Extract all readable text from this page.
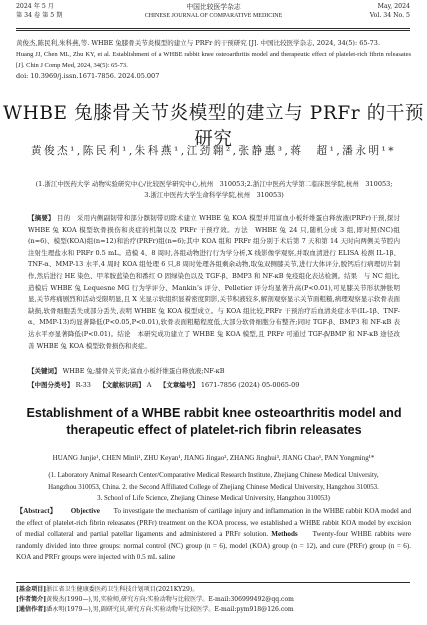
2024 年 5 月
第 34 卷 第 5 期
中国比较医学杂志
CHINESE JOURNAL OF COMPARATIVE MEDICINE
May, 2024
Vol. 34 No. 5
黄俊杰,陈民利,朱科燕,等. WHBE 兔膝骨关节炎模型的建立与 PRFr 的干预研究 [J]. 中国比较医学杂志, 2024, 34(5): 65-73.
Huang JJ, Chen ML, Zhu KY, et al. Establishment of a WHBE rabbit knee osteoarthritis model and therapeutic effect of platelet-rich fibrin releasates [J]. Chin J Comp Med, 2024, 34(5): 65-73.
doi: 10.3969/j.issn.1671-7856. 2024.05.007
WHBE 兔膝骨关节炎模型的建立与 PRFr 的干预研究
黄俊杰¹,陈民利¹,朱科燕¹,江劲翱²,张静惠³,蒋　超¹,潘永明¹*
(1.浙江中医药大学 动物实验研究中心/比较医学研究中心,杭州　310053;2.浙江中医药大学第二临床医学院,杭州　310053;
3.浙江中医药大学生命科学学院,杭州　310053)
【摘要】 目的　采用内侧副韧带和部分髌韧带切除术建立 WHBE 兔 KOA 模型并用富血小板纤维蛋白释放液(PRFr)干预,探讨 WHBE 兔 KOA 模型软骨损伤和炎症的机制以及 PRFr 干预疗效。方法　WHBE 兔 24 只,随机分成 3 组,即对照(NC)组(n=6)、模型(KOA)组(n=12)和治疗(PRFr)组(n=6);其中 KOA 组和 PRFr 组分别于术后第 7 天和第 14 天时向两侧关节腔内注射生理盐水和 PRFr 0.5 mL。造模 4、8 周时,各组动物进行行为学分析,X 线影像学观察,并取血清进行 ELISA 检测 IL-1β、TNF-α、MMP-13 水平,4 周时 KOA 组处理 6 只,8 周时处理各组剩余动物,取兔双侧膝关节,进行大体评分,脱钙后行病理切片制作,然后进行 HE 染色、甲苯胺蓝染色和番红 O 固绿染色以及 TGF-β、BMP3 和 NF-κB 免疫组化表达检测。结果　与 NC 组比,造模后 WHBE 兔 Lequesne MG 行为学评分、Mankin’s 评分、Pelletier 评分均显著升高(P<0.01),可见膝关节形状肿胀明显,关节疼痛剧烈和活动受限明显,且 X 光显示软组织显着密度阴影,关节积液较多,解剖观察显示关节面粗糙,病理观察显示软骨表面缺损,软骨细胞丢失或部分丢失,表明 WHBE 兔 KOA 模型成立。与 KOA 组比较,PRFr 干预治疗后血清炎症水平(IL-1β、TNF-α、MMP-13)均显著降低(P<0.05,P<0.01),软骨表面粗糙程度低,大部分软骨细胞分布整齐;同时 TGF-β、BMP3 和 NF-κB 表达水平亦显著降低(P<0.01)。结论　本研究成功建立了 WHBE 兔 KOA 模型,且 PRFr 可通过 TGF-β/BMP 和 NF-κB 途径改善 WHBE 兔 KOA 模型软骨损伤和炎症。
【关键词】 WHBE 兔;膝骨关节炎;富血小板纤维蛋白释放液;NF-κB
【中图分类号】 R-33 【文献标识码】 A 【文章编号】 1671-7856 (2024) 05-0065-09
Establishment of a WHBE rabbit knee osteoarthritis model and therapeutic effect of platelet-rich fibrin releasates
HUANG Junjie¹, CHEN Minli¹, ZHU Keyan¹, JIANG Jingao², ZHANG Jinghui³, JIANG Chao¹, PAN Yongming¹*
(1. Laboratory Animal Research Center/Comparative Medical Research Institute, Zhejiang Chinese Medical University,
Hangzhou 310053, China. 2. the Second Affiliated College of Zhejiang Chinese Medical University, Hangzhou 310053.
3. School of Life Science, Zhejiang Chinese Medical University, Hangzhou 310053)
【Abstract】 Objective To investigate the mechanism of cartilage injury and inflammation in the WHBE rabbit KOA model and the effect of platelet-rich fibrin releasates (PRFr) treatment on the KOA process, we established a WHBE rabbit KOA model by excision of medial collateral and partial patellar ligaments and administered a PRFr solution. Methods Twenty-four WHBE rabbits were randomly divided into three groups: normal control (NC) group (n = 6), model (KOA) group (n = 12), and cure (PRFr) group (n = 6). KOA and PRFr groups were injected with 0.5 mL saline
[基金项目]浙江省卫生健康委医药卫生科技计划项目(2021KY29)。
[作者简介]黄俊杰(1990—),男,实验师,研究方向:实验动物与比较医学。E-mail:306999492@qq.com
[通信作者]潘永明(1979—),男,副研究员,研究方向:实验动物与比较医学。E-mail:pym918@126.com
